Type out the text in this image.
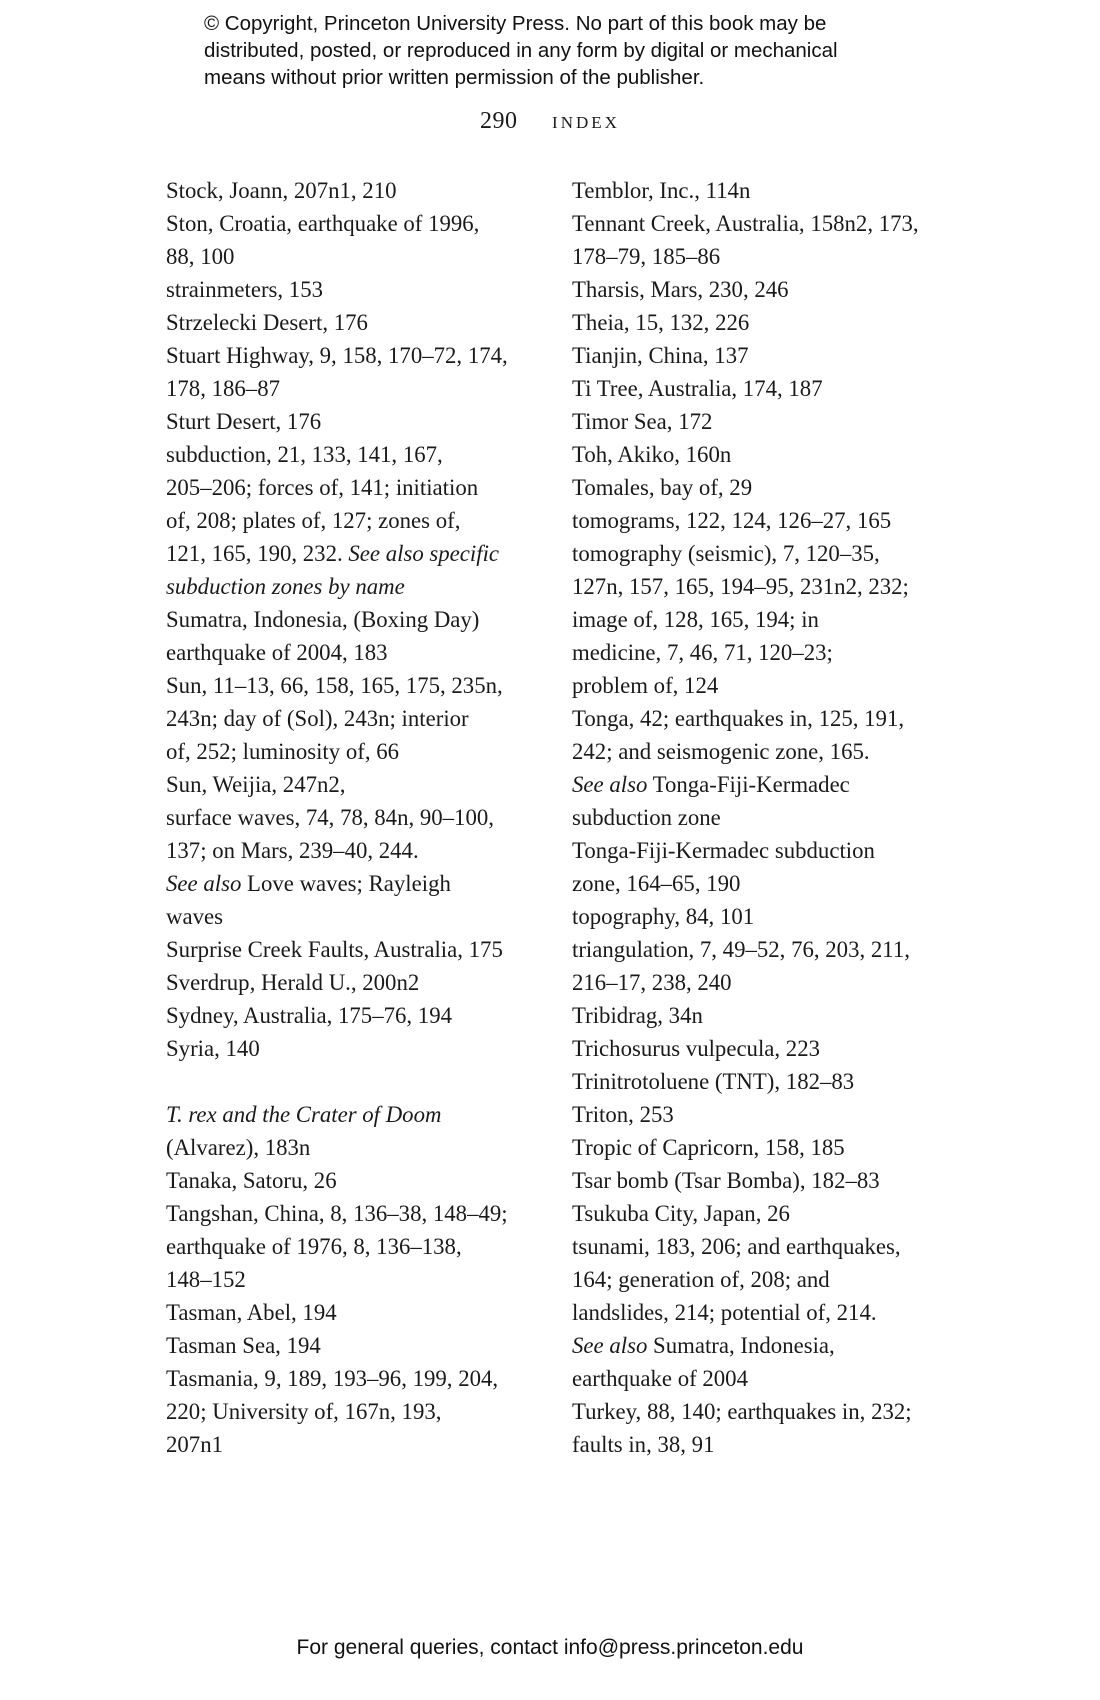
© Copyright, Princeton University Press. No part of this book may be
distributed, posted, or reproduced in any form by digital or mechanical
means without prior written permission of the publisher.
290 index
Stock, Joann, 207n1, 210
Ston, Croatia, earthquake of 1996,
88, 100
strainmeters, 153
Strzelecki Desert, 176
Stuart Highway, 9, 158, 170–72, 174,
178, 186–87
Sturt Desert, 176
subduction, 21, 133, 141, 167,
205–206; forces of, 141; initiation
of, 208; plates of, 127; zones of,
121, 165, 190, 232. See also specific
subduction zones by name
Sumatra, Indonesia, (Boxing Day)
earthquake of 2004, 183
Sun, 11–13, 66, 158, 165, 175, 235n,
243n; day of (Sol), 243n; interior
of, 252; luminosity of, 66
Sun, Weijia, 247n2,
surface waves, 74, 78, 84n, 90–100,
137; on Mars, 239–40, 244.
See also Love waves; Rayleigh
waves
Surprise Creek Faults, Australia, 175
Sverdrup, Herald U., 200n2
Sydney, Australia, 175–76, 194
Syria, 140
T. rex and the Crater of Doom
(Alvarez), 183n
Tanaka, Satoru, 26
Tangshan, China, 8, 136–38, 148–49;
earthquake of 1976, 8, 136–138,
148–152
Tasman, Abel, 194
Tasman Sea, 194
Tasmania, 9, 189, 193–96, 199, 204,
220; University of, 167n, 193,
207n1
Temblor, Inc., 114n
Tennant Creek, Australia, 158n2, 173,
178–79, 185–86
Tharsis, Mars, 230, 246
Theia, 15, 132, 226
Tianjin, China, 137
Ti Tree, Australia, 174, 187
Timor Sea, 172
Toh, Akiko, 160n
Tomales, bay of, 29
tomograms, 122, 124, 126–27, 165
tomography (seismic), 7, 120–35,
127n, 157, 165, 194–95, 231n2, 232;
image of, 128, 165, 194; in
medicine, 7, 46, 71, 120–23;
problem of, 124
Tonga, 42; earthquakes in, 125, 191,
242; and seismogenic zone, 165.
See also Tonga-Fiji-Kermadec
subduction zone
Tonga-Fiji-Kermadec subduction
zone, 164–65, 190
topography, 84, 101
triangulation, 7, 49–52, 76, 203, 211,
216–17, 238, 240
Tribidrag, 34n
Trichosurus vulpecula, 223
Trinitrotoluene (TNT), 182–83
Triton, 253
Tropic of Capricorn, 158, 185
Tsar bomb (Tsar Bomba), 182–83
Tsukuba City, Japan, 26
tsunami, 183, 206; and earthquakes,
164; generation of, 208; and
landslides, 214; potential of, 214.
See also Sumatra, Indonesia,
earthquake of 2004
Turkey, 88, 140; earthquakes in, 232;
faults in, 38, 91
For general queries, contact info@press.princeton.edu
